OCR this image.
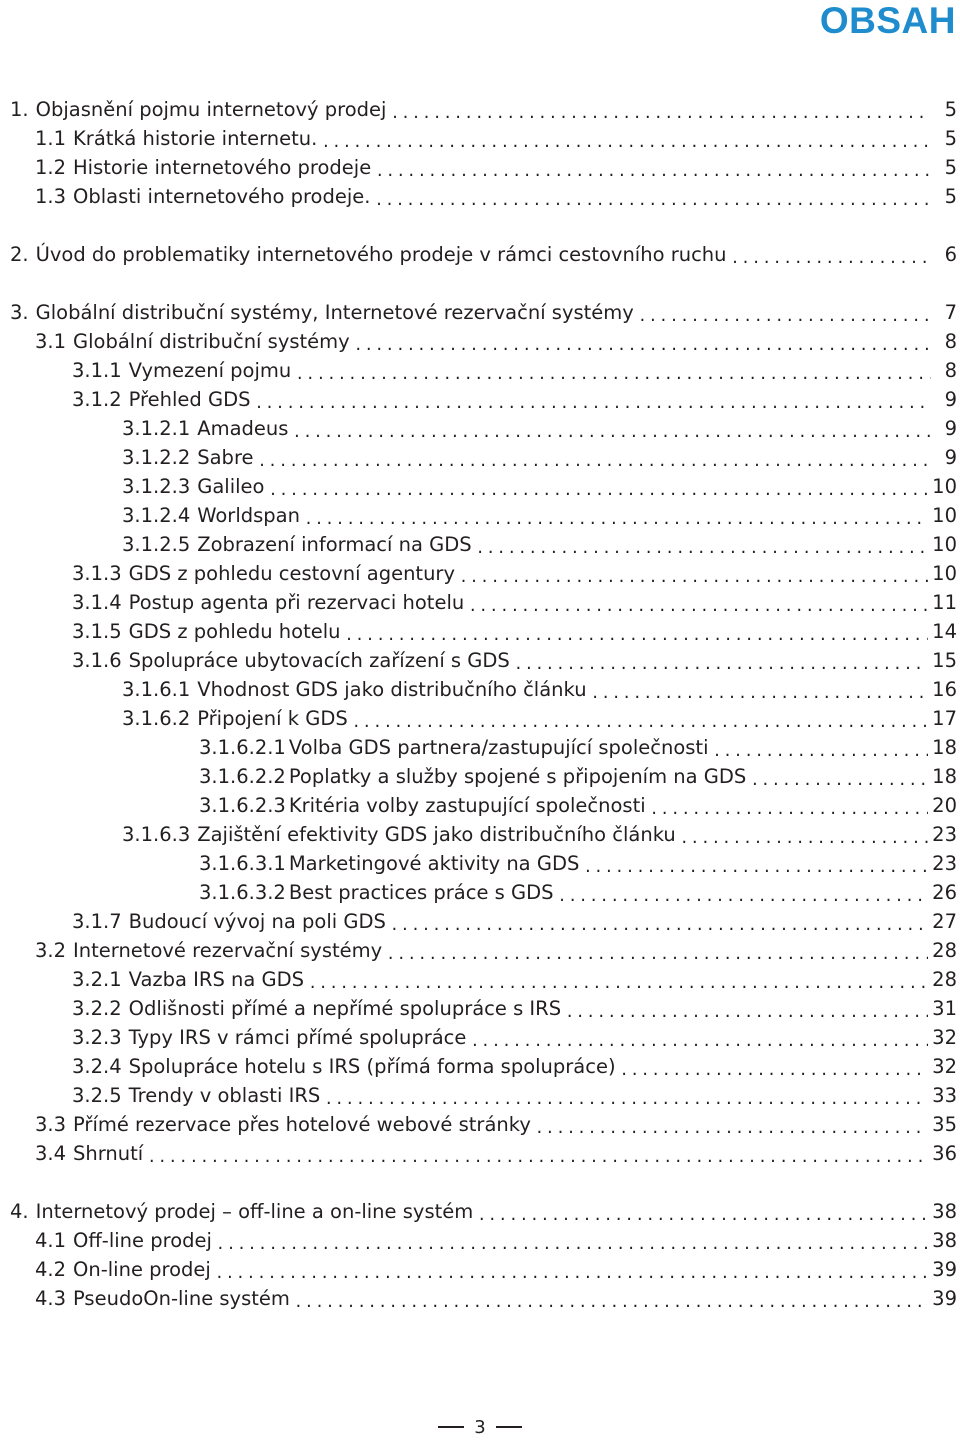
OBSAH
1. Objasnění pojmu internetový prodej .....	5
1.1 Krátká historie internetu. .....	5
1.2 Historie internetového prodeje .....	5
1.3 Oblasti internetového prodeje. .....	5
2. Úvod do problematiky internetového prodeje v rámci cestovního ruchu .....	6
3. Globální distribuční systémy, Internetové rezervační systémy .....	7
3.1 Globální distribuční systémy .....	8
3.1.1 Vymezení pojmu .....	8
3.1.2 Přehled GDS .....	9
3.1.2.1 Amadeus .....	9
3.1.2.2 Sabre .....	9
3.1.2.3 Galileo .....	10
3.1.2.4 Worldspan .....	10
3.1.2.5 Zobrazení informací na GDS .....	10
3.1.3 GDS z pohledu cestovní agentury .....	10
3.1.4 Postup agenta při rezervaci hotelu .....	11
3.1.5 GDS z pohledu hotelu .....	14
3.1.6 Spolupráce ubytovacích zařízení s GDS .....	15
3.1.6.1 Vhodnost GDS jako distribučního článku .....	16
3.1.6.2 Připojení k GDS .....	17
3.1.6.2.1 Volba GDS partnera/zastupující společnosti .....	18
3.1.6.2.2 Poplatky a služby spojené s připojením na GDS .....	18
3.1.6.2.3 Kritéria volby zastupující společnosti .....	20
3.1.6.3 Zajištění efektivity GDS jako distribučního článku .....	23
3.1.6.3.1 Marketingové aktivity na GDS .....	23
3.1.6.3.2 Best practices práce s GDS .....	26
3.1.7 Budoucí vývoj na poli GDS .....	27
3.2 Internetové rezervační systémy .....	28
3.2.1 Vazba IRS na GDS .....	28
3.2.2 Odlišnosti přímé a nepřímé spolupráce s IRS .....	31
3.2.3 Typy IRS v rámci přímé spolupráce .....	32
3.2.4 Spolupráce hotelu s IRS (přímá forma spolupráce) .....	32
3.2.5 Trendy v oblasti IRS .....	33
3.3 Přímé rezervace přes hotelové webové stránky .....	35
3.4 Shrnutí .....	36
4. Internetový prodej – off-line a on-line systém .....	38
4.1 Off-line prodej .....	38
4.2 On-line prodej .....	39
4.3 PseudoOn-line systém .....	39
3
